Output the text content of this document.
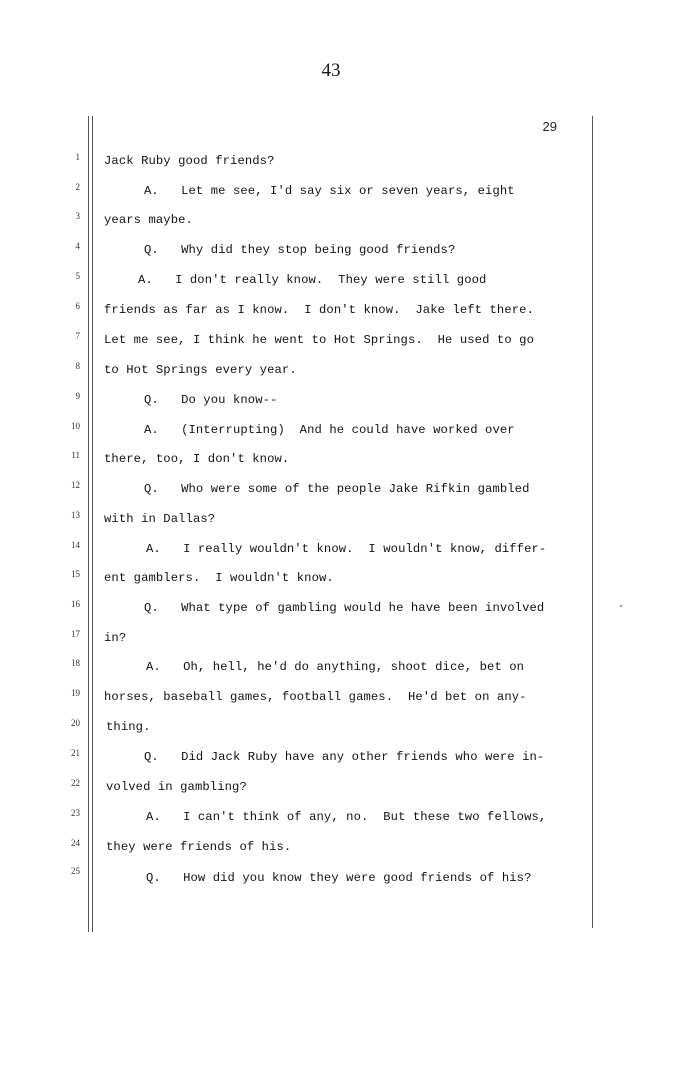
43
29
1
2
3
4
5
6
7
8
9
10
11
12
13
14
15
16
17
18
19
20
21
22
23
24
25
Jack Ruby good friends?
A.   Let me see, I'd say six or seven years, eight
years maybe.
Q.   Why did they stop being good friends?
A.   I don't really know.  They were still good
friends as far as I know.  I don't know.  Jake left there.
Let me see, I think he went to Hot Springs.  He used to go
to Hot Springs every year.
Q.   Do you know--
A.   (Interrupting)  And he could have worked over
there, too, I don't know.
Q.   Who were some of the people Jake Rifkin gambled
with in Dallas?
A.   I really wouldn't know.  I wouldn't know, differ-
ent gamblers.  I wouldn't know.
Q.   What type of gambling would he have been involved
in?
A.   Oh, hell, he'd do anything, shoot dice, bet on
horses, baseball games, football games.  He'd bet on any-
thing.
Q.   Did Jack Ruby have any other friends who were in-
volved in gambling?
A.   I can't think of any, no.  But these two fellows,
they were friends of his.
Q.   How did you know they were good friends of his?
